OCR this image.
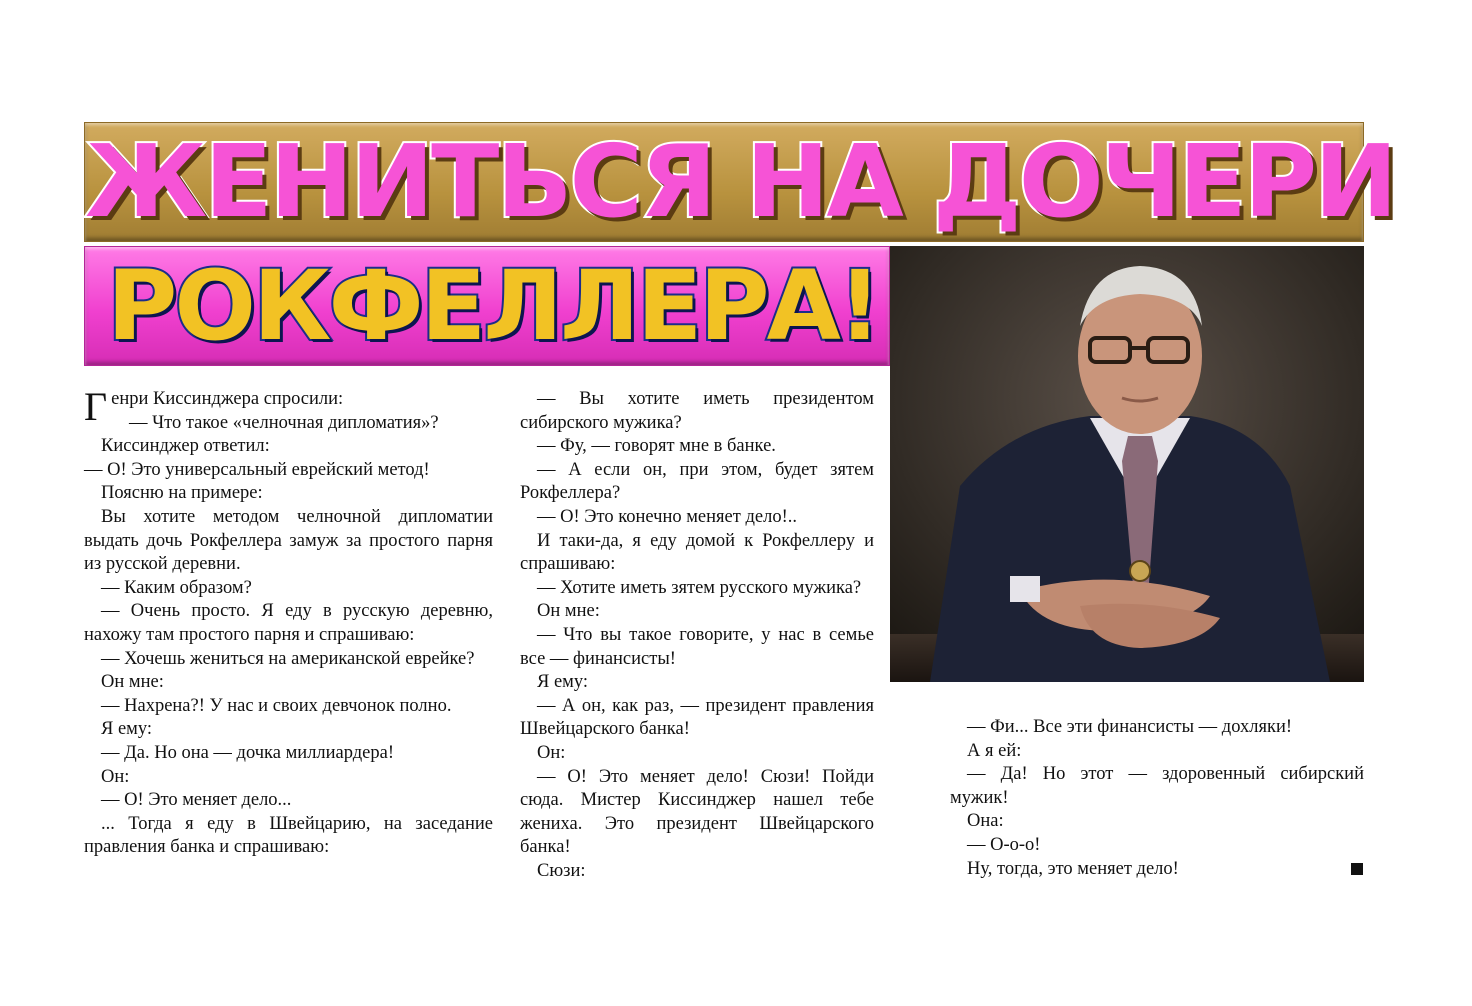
ЖЕНИТЬСЯ НА ДОЧЕРИ
РОКФЕЛЛЕРА!

Генри Киссинджера спросили:

— Что такое «челночная дипломатия»?

Киссинджер ответил:

— О! Это универсальный еврейский метод!

Поясню на примере:

Вы хотите методом челночной дипломатии выдать дочь Рокфеллера замуж за простого парня из русской деревни.

— Каким образом?

— Очень просто. Я еду в русскую деревню, нахожу там простого парня и спрашиваю:

— Хочешь жениться на американской еврейке?

Он мне:

— Нахрена?! У нас и своих девчонок полно.

Я ему:

— Да. Но она — дочка миллиардера!

Он:

— О! Это меняет дело...

... Тогда я еду в Швейцарию, на заседание правления банка и спрашиваю:

— Вы хотите иметь президентом сибирского мужика?

— Фу, — говорят мне в банке.

— А если он, при этом, будет зятем Рокфеллера?

— О! Это конечно меняет дело!..

И таки-да, я еду домой к Рокфеллеру и спрашиваю:

— Хотите иметь зятем русского мужика?

Он мне:

— Что вы такое говорите, у нас в семье все — финансисты!

Я ему:

— А он, как раз, — президент правления Швейцарского банка!

Он:

— О! Это меняет дело! Сюзи! Пойди сюда. Мистер Киссинджер нашел тебе жениха. Это президент Швейцарского банка!

Сюзи:

— Фи... Все эти финансисты — дохляки!

А я ей:

— Да! Но этот — здоровенный сибирский мужик!

Она:

— О-о-о!

Ну, тогда, это меняет дело!
